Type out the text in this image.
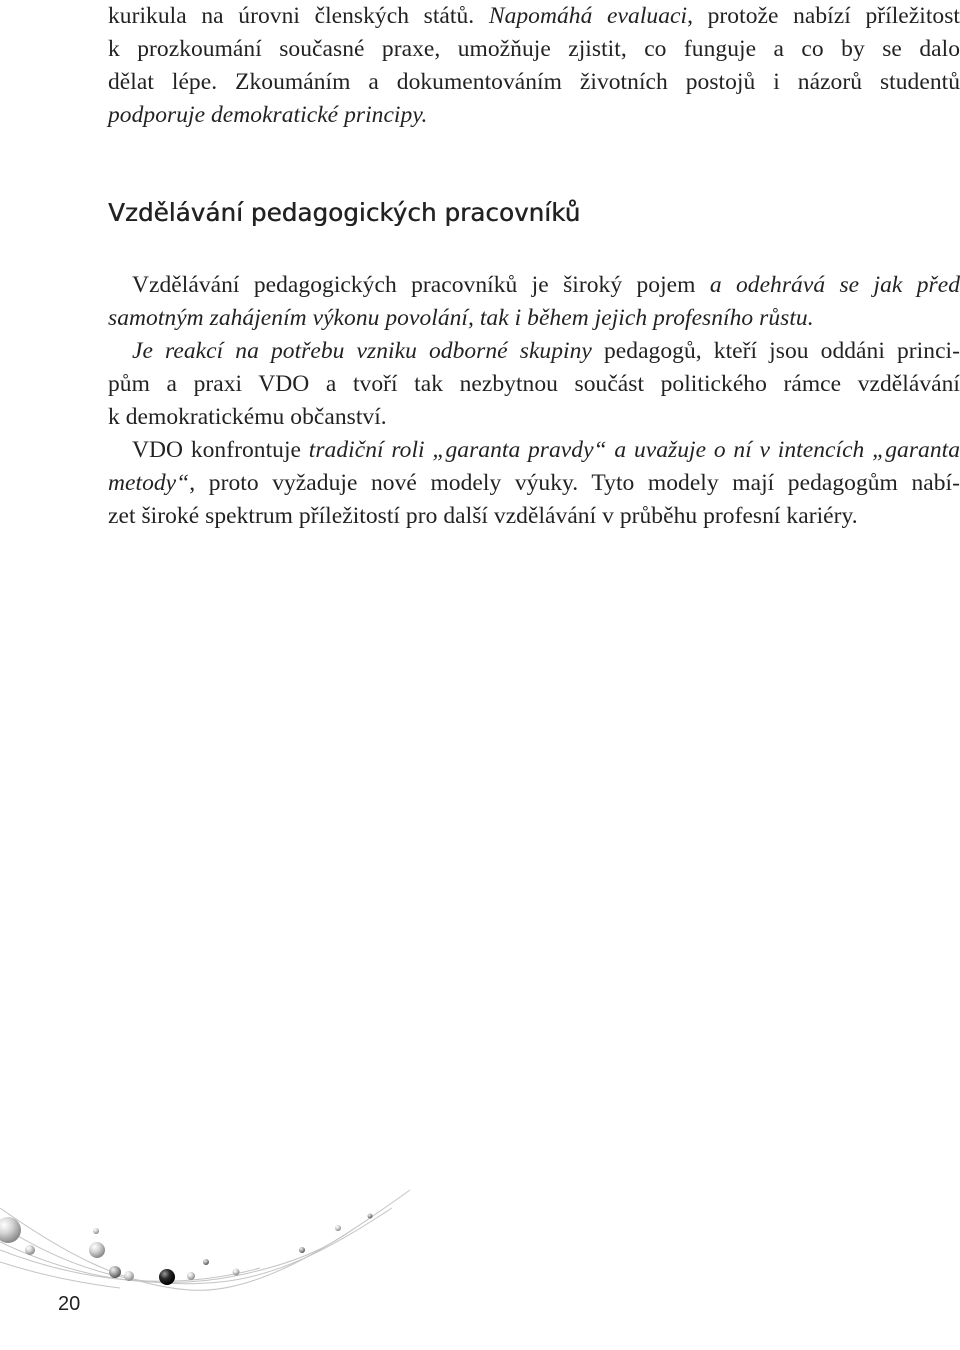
kurikula na úrovni členských států. Napomáhá evaluaci, protože nabízí příležitost
k prozkoumání současné praxe, umožňuje zjistit, co funguje a co by se dalo
dělat lépe. Zkoumáním a dokumentováním životních postojů i názorů studentů
podporuje demokratické principy.
Vzdělávání pedagogických pracovníků
Vzdělávání pedagogických pracovníků je široký pojem a odehrává se jak před
samotným zahájením výkonu povolání, tak i během jejich profesního růstu.
Je reakcí na potřebu vzniku odborné skupiny pedagogů, kteří jsou oddáni princi-
pům a praxi VDO a tvoří tak nezbytnou součást politického rámce vzdělávání
k demokratickému občanství.
VDO konfrontuje tradiční roli „garanta pravdy“ a uvažuje o ní v intencích „garanta
metody“, proto vyžaduje nové modely výuky. Tyto modely mají pedagogům nabí-
zet široké spektrum příležitostí pro další vzdělávání v průběhu profesní kariéry.
20
